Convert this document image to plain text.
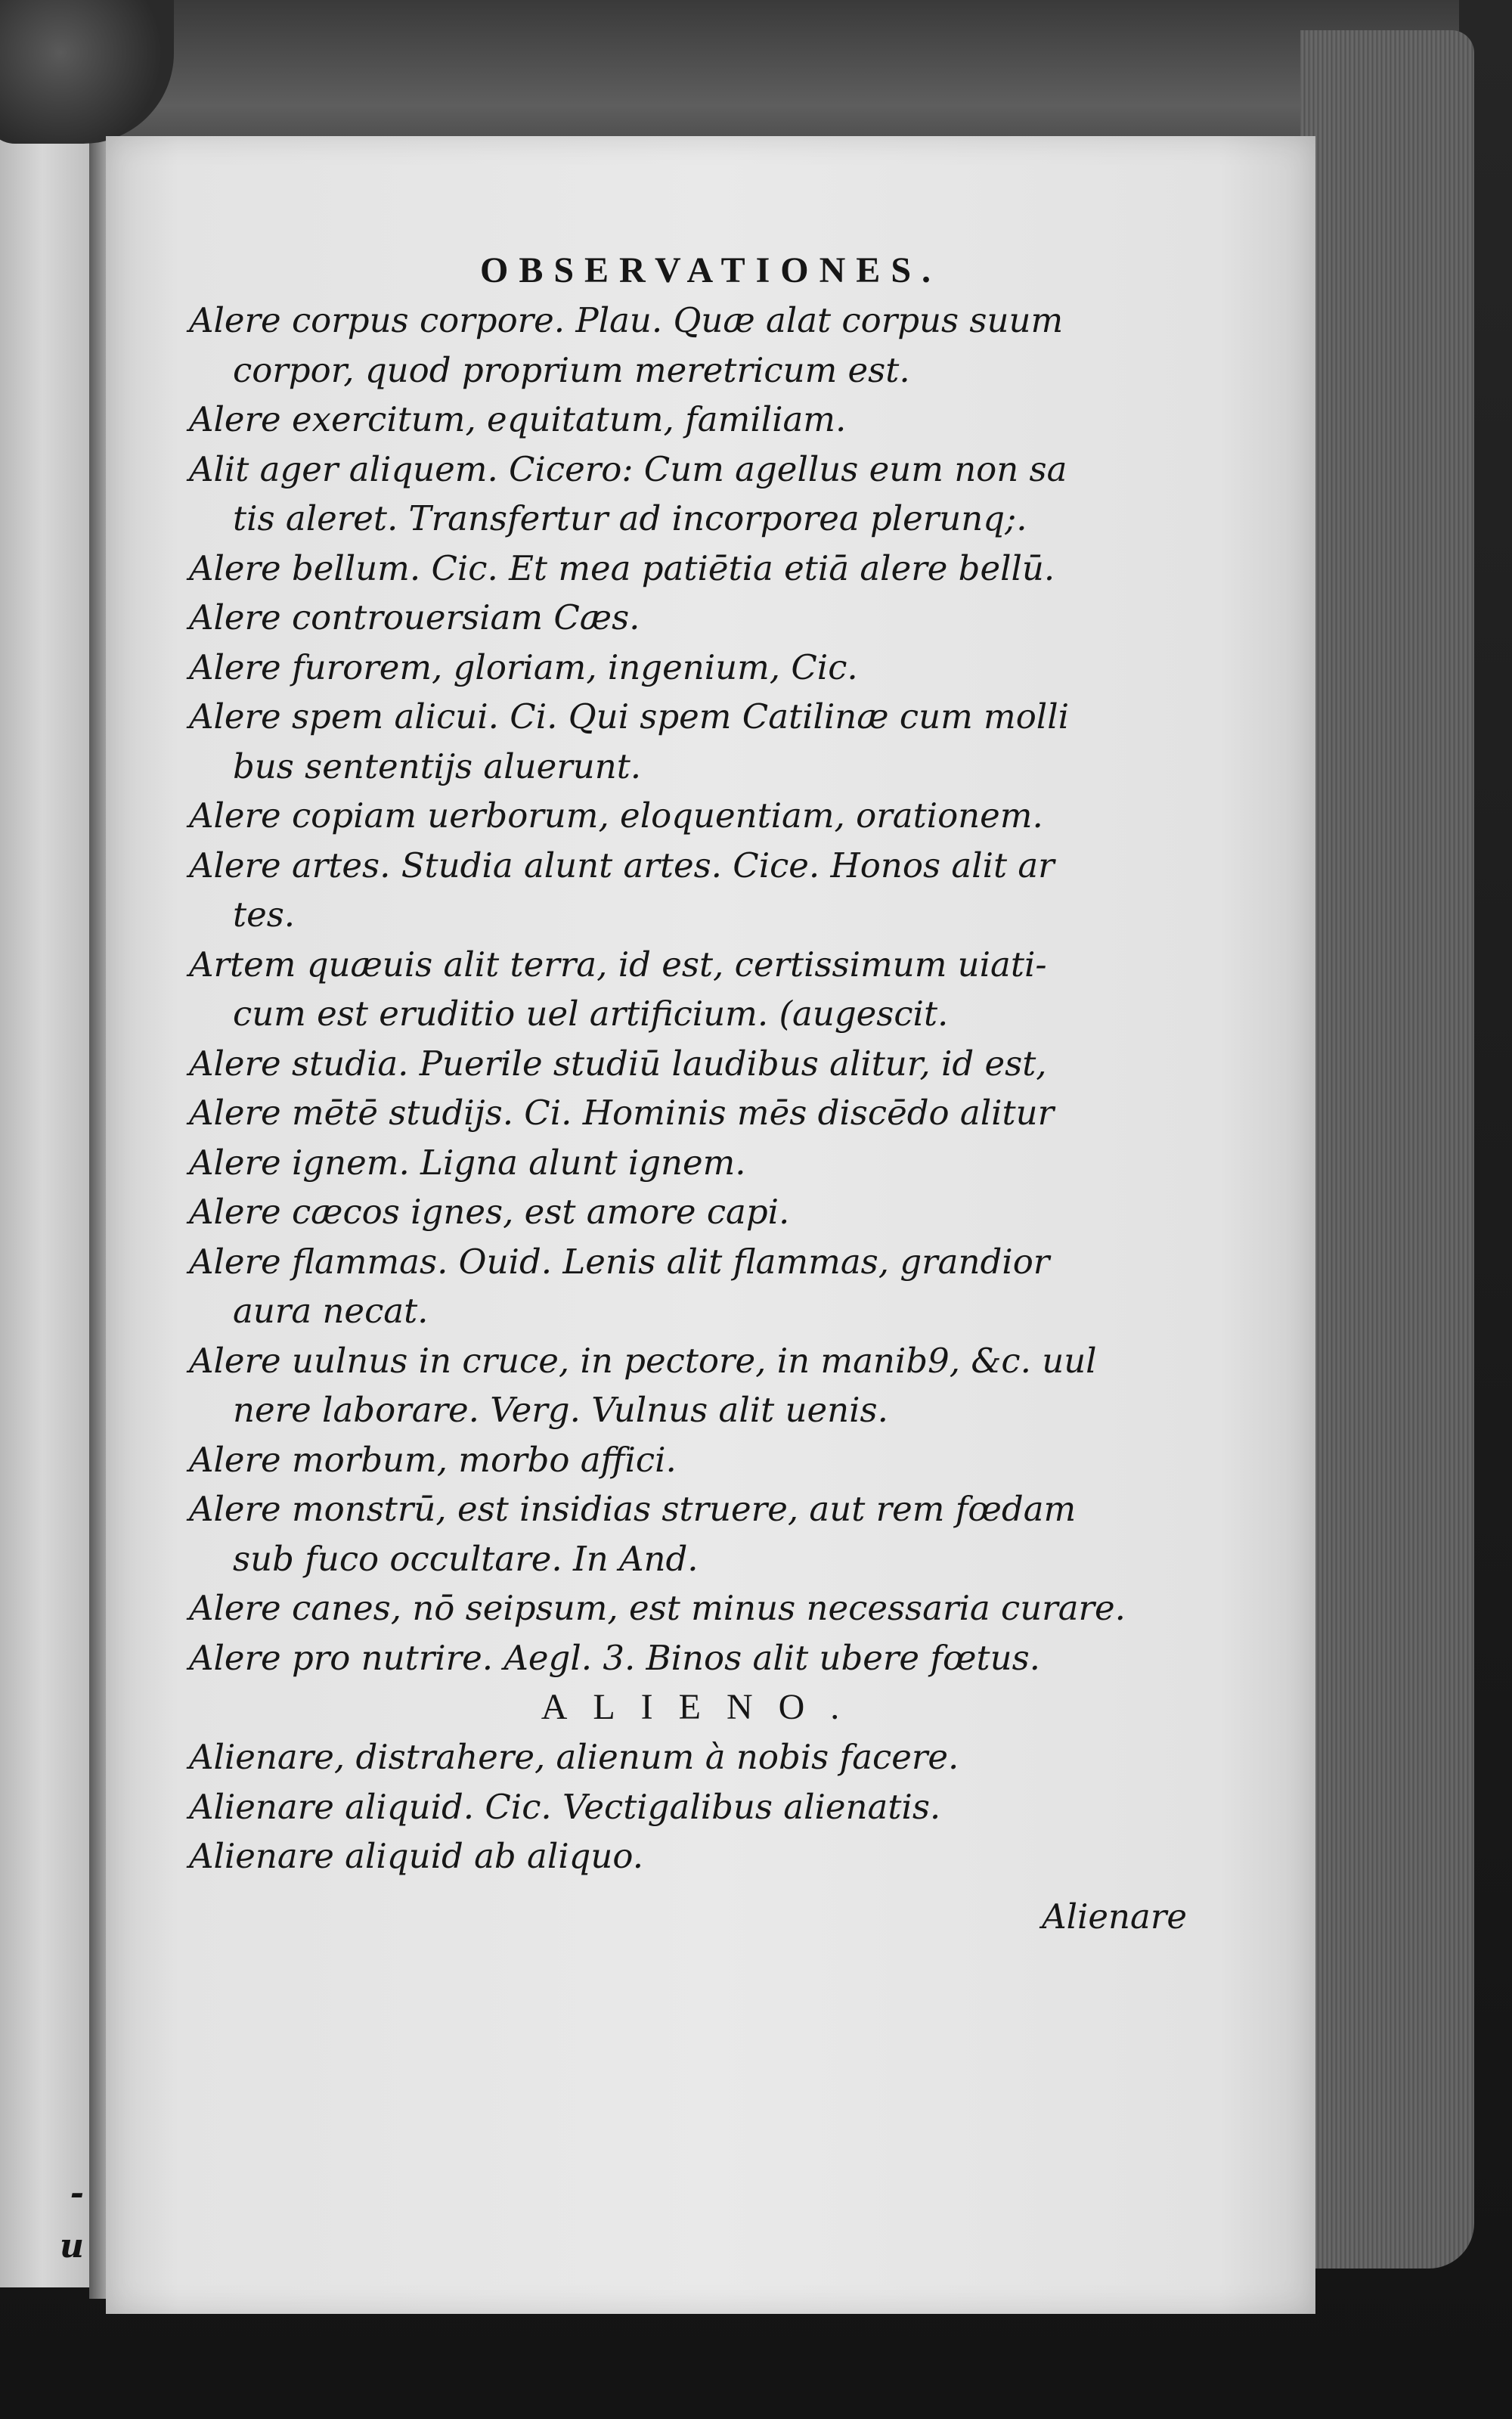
-
u
e
OBSERVATIONES.

Alere corpus corpore. Plau. Quæ alat corpus suum

corpor, quod proprium meretricum est.

Alere exercitum, equitatum, familiam.

Alit ager aliquem. Cicero: Cum agellus eum non sa

tis aleret. Transfertur ad incorporea plerunq;.

Alere bellum. Cic. Et mea patiētia etiā alere bellū.

Alere controuersiam Cæs.

Alere furorem, gloriam, ingenium, Cic.

Alere spem alicui. Ci. Qui spem Catilinæ cum molli

bus sententijs aluerunt.

Alere copiam uerborum, eloquentiam, orationem.

Alere artes. Studia alunt artes. Cice. Honos alit ar

tes.

Artem quæuis alit terra, id est, certissimum uiati-

cum est eruditio uel artificium. (augescit.

Alere studia. Puerile studiū laudibus alitur, id est,

Alere mētē studijs. Ci. Hominis mēs discēdo alitur

Alere ignem. Ligna alunt ignem.

Alere cæcos ignes, est amore capi.

Alere flammas. Ouid. Lenis alit flammas, grandior

aura necat.

Alere uulnus in cruce, in pectore, in manib9, &c. uul

nere laborare. Verg. Vulnus alit uenis.

Alere morbum, morbo affici.

Alere monstrū, est insidias struere, aut rem fœdam

sub fuco occultare. In And.

Alere canes, nō seipsum, est minus necessaria curare.

Alere pro nutrire. Aegl. 3. Binos alit ubere fœtus.

ALIENO.

Alienare, distrahere, alienum à nobis facere.

Alienare aliquid. Cic. Vectigalibus alienatis.

Alienare aliquid ab aliquo.

Alienare
